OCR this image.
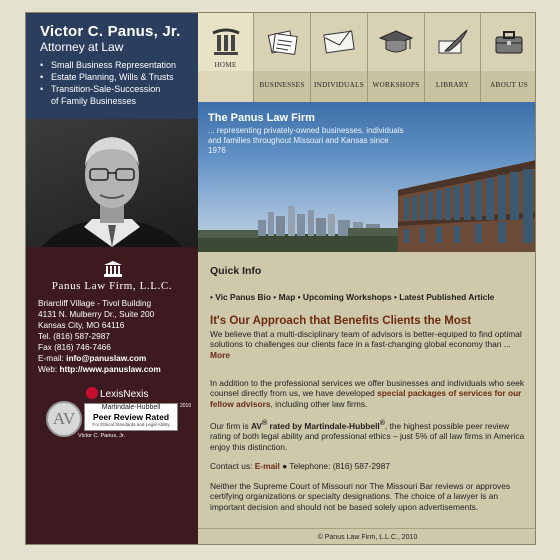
Victor C. Panus, Jr.
Attorney at Law
• Small Business Representation
• Estate Planning, Wills & Trusts
• Transition-Sale-Succession
of Family Businesses
Panus Law Firm, L.L.C.
Briarcliff Village - Tivol Building
4131 N. Mulberry Dr., Suite 200
Kansas City, MO 64116
Tel. (816) 587-2987
Fax (816) 746-7466
E-mail: info@panuslaw.com
Web: http://www.panuslaw.com
LexisNexis
AV
Martindale-Hubbell
Peer Review Rated
For Ethical Standards and Legal Ability
2010
Victor C. Panus, Jr.
HOME
BUSINESSES	INDIVIDUALS	WORKSHOPS	LIBRARY	ABOUT US
The Panus Law Firm
... representing privately-owned businesses, individuals and families throughout Missouri and Kansas since 1976
Quick Info
• Vic Panus Bio • Map • Upcoming Workshops • Latest Published Article
It's Our Approach that Benefits Clients the Most
We believe that a multi-disciplinary team of advisors is better-equiped to find optimal solutions to challenges our clients face in a fast-changing global economy than ... More
In addition to the professional services we offer businesses and individuals who seek counsel directly from us, we have developed special packages of services for our fellow advisors, including other law firms.
Our firm is AV® rated by Martindale-Hubbell®, the highest possible peer review rating of both legal ability and professional ethics – just 5% of all law firms in America enjoy this distinction.
Contact us: E-mail ● Telephone: (816) 587-2987
Neither the Supreme Court of Missouri nor The Missouri Bar reviews or approves certifying organizations or specialty designations. The choice of a lawyer is an important decision and should not be based solely upon advertisements.
© Panus Law Firm, L.L.C., 2010
